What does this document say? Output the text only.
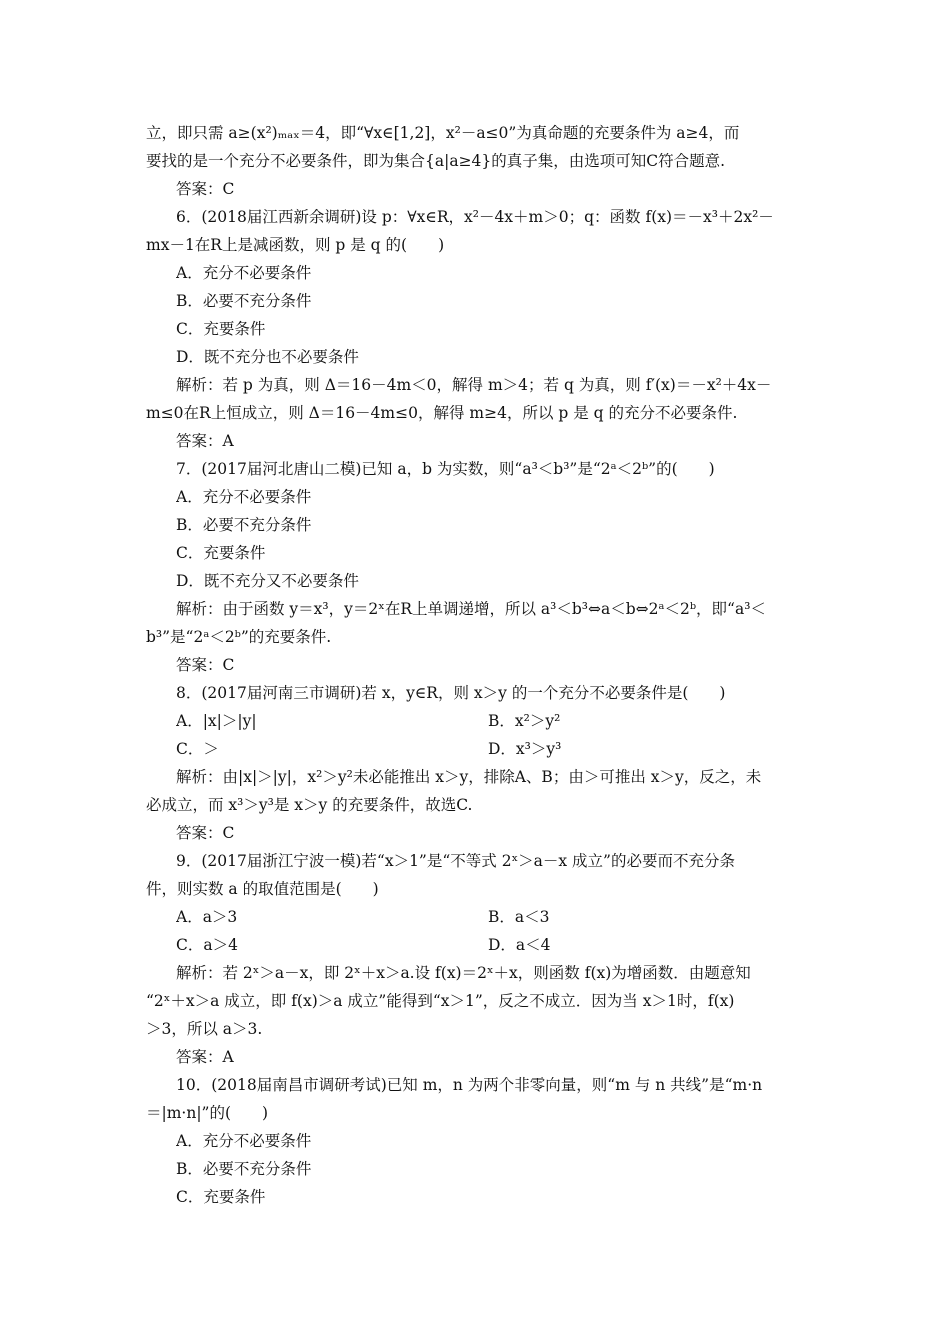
立，即只需 a≥(x²)ₘₐₓ＝4，即“∀x∈[1,2]，x²－a≤0”为真命题的充要条件为 a≥4，而
要找的是一个充分不必要条件，即为集合{a|a≥4}的真子集，由选项可知C符合题意.
答案：C
6．(2018届江西新余调研)设 p：∀x∈R，x²－4x＋m＞0；q：函数 f(x)＝－x³＋2x²－
mx－1在R上是减函数，则 p 是 q 的(　　)
A．充分不必要条件
B．必要不充分条件
C．充要条件
D．既不充分也不必要条件
解析：若 p 为真，则 Δ＝16－4m＜0，解得 m＞4；若 q 为真，则 f′(x)＝－x²＋4x－
m≤0在R上恒成立，则 Δ＝16－4m≤0，解得 m≥4，所以 p 是 q 的充分不必要条件.
答案：A
7．(2017届河北唐山二模)已知 a，b 为实数，则“a³＜b³”是“2ᵃ＜2ᵇ”的(　　)
A．充分不必要条件
B．必要不充分条件
C．充要条件
D．既不充分又不必要条件
解析：由于函数 y＝x³，y＝2ˣ在R上单调递增，所以 a³＜b³⇔a＜b⇔2ᵃ＜2ᵇ，即“a³＜
b³”是“2ᵃ＜2ᵇ”的充要条件.
答案：C
8．(2017届河南三市调研)若 x，y∈R，则 x＞y 的一个充分不必要条件是(　　)
A．|x|＞|y|	B．x²＞y²
C．＞	D．x³＞y³
解析：由|x|＞|y|，x²＞y²未必能推出 x＞y，排除A、B；由＞可推出 x＞y，反之，未
必成立，而 x³＞y³是 x＞y 的充要条件，故选C.
答案：C
9．(2017届浙江宁波一模)若“x＞1”是“不等式 2ˣ＞a－x 成立”的必要而不充分条
件，则实数 a 的取值范围是(　　)
A．a＞3	B．a＜3
C．a＞4	D．a＜4
解析：若 2ˣ＞a－x，即 2ˣ＋x＞a.设 f(x)＝2ˣ＋x，则函数 f(x)为增函数．由题意知
“2ˣ＋x＞a 成立，即 f(x)＞a 成立”能得到“x＞1”，反之不成立．因为当 x＞1时，f(x)
＞3，所以 a＞3.
答案：A
10．(2018届南昌市调研考试)已知 m，n 为两个非零向量，则“m 与 n 共线”是“m·n
＝|m·n|”的(　　)
A．充分不必要条件
B．必要不充分条件
C．充要条件
